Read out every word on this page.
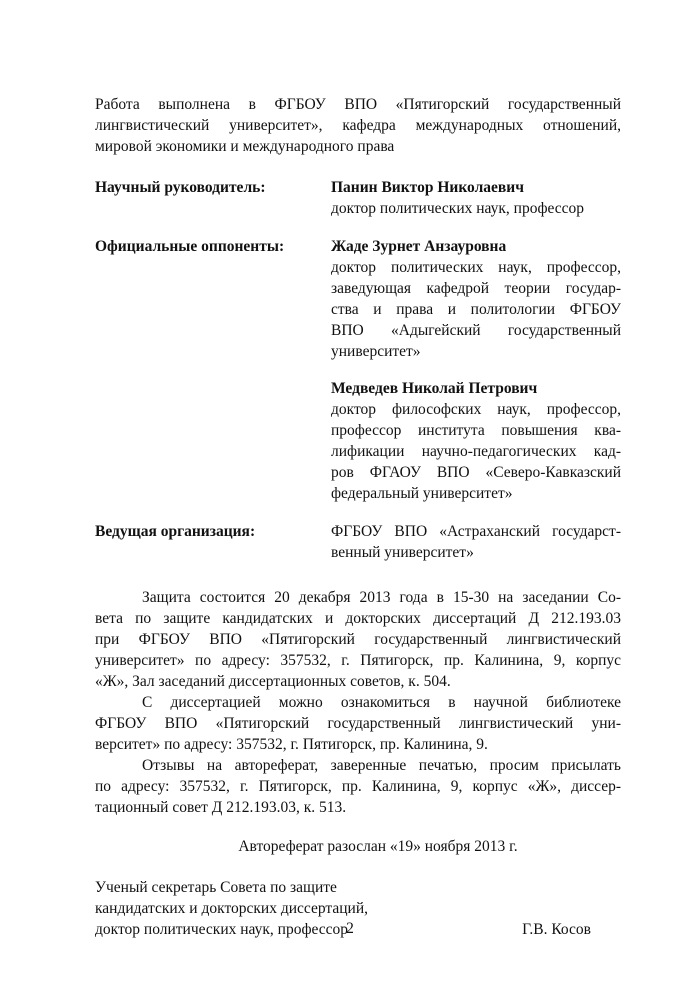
Работа выполнена в ФГБОУ ВПО «Пятигорский государственный
лингвистический университет», кафедра международных отношений,
мировой экономики и международного права
Научный руководитель:	Панин Виктор Николаевич
доктор политических наук, профессор
Официальные оппоненты:	Жаде Зурнет Анзауровна
доктор политических наук, профессор,
заведующая кафедрой теории государ-
ства и права и политологии ФГБОУ
ВПО «Адыгейский государственный
университет»
Медведев Николай Петрович
доктор философских наук, профессор,
профессор института повышения ква-
лификации научно-педагогических кад-
ров ФГАОУ ВПО «Северо-Кавказский
федеральный университет»
Ведущая организация:	ФГБОУ ВПО «Астраханский государст-
венный университет»

Защита состоится 20 декабря 2013 года в 15-30 на заседании Со-
вета по защите кандидатских и докторских диссертаций Д 212.193.03
при ФГБОУ ВПО «Пятигорский государственный лингвистический
университет» по адресу: 357532, г. Пятигорск, пр. Калинина, 9, корпус
«Ж», Зал заседаний диссертационных советов, к. 504.

С диссертацией можно ознакомиться в научной библиотеке
ФГБОУ ВПО «Пятигорский государственный лингвистический уни-
верситет» по адресу: 357532, г. Пятигорск, пр. Калинина, 9.

Отзывы на автореферат, заверенные печатью, просим присылать
по адресу: 357532, г. Пятигорск, пр. Калинина, 9, корпус «Ж», диссер-
тационный совет Д 212.193.03, к. 513.

Автореферат разослан «19» ноября 2013 г.
Ученый секретарь Совета по защите
кандидатских и докторских диссертаций,
доктор политических наук, профессор	Г.В. Косов
2
